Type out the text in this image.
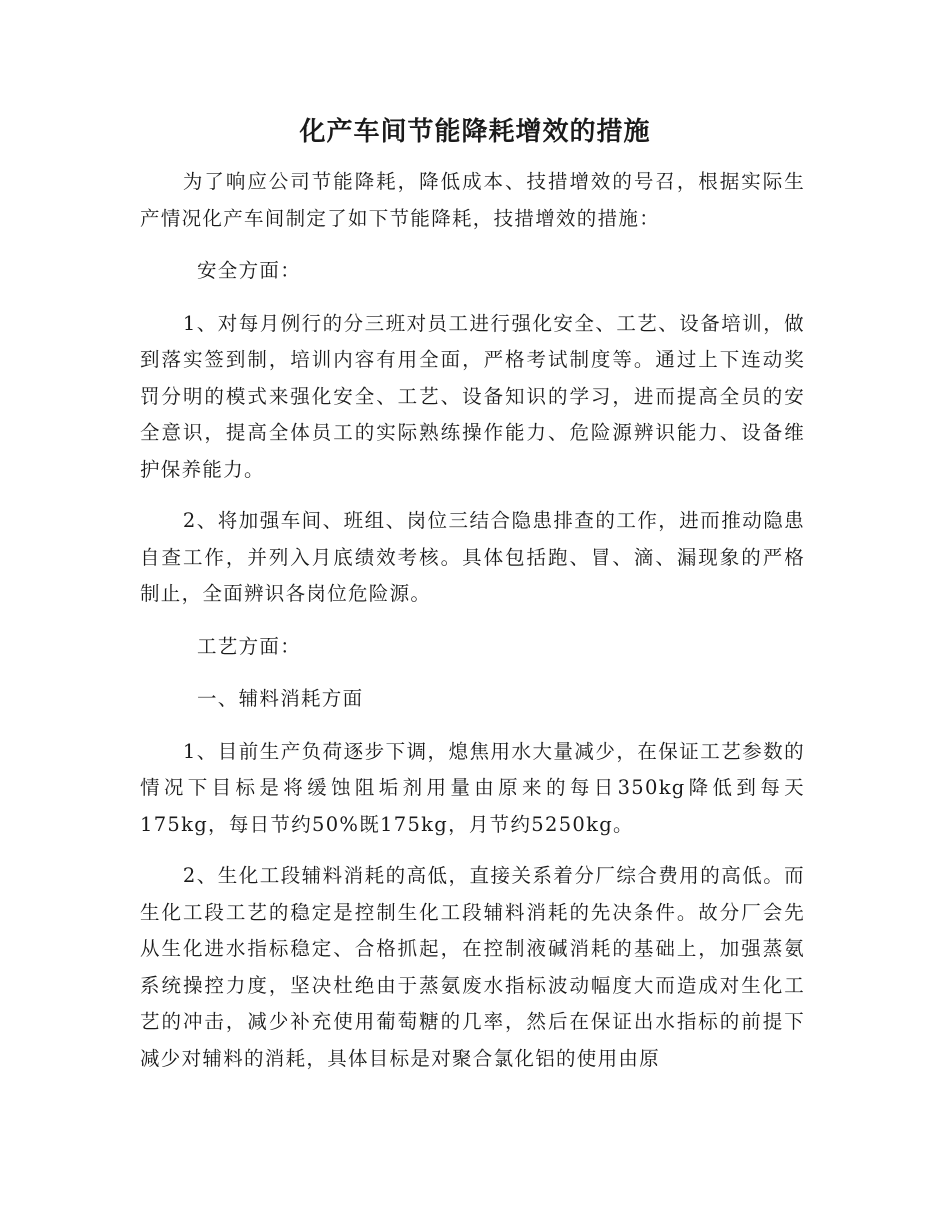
化产车间节能降耗增效的措施

为了响应公司节能降耗，降低成本、技措增效的号召，根据实际生产情况化产车间制定了如下节能降耗，技措增效的措施：

安全方面：

1、对每月例行的分三班对员工进行强化安全、工艺、设备培训，做到落实签到制，培训内容有用全面，严格考试制度等。通过上下连动奖罚分明的模式来强化安全、工艺、设备知识的学习，进而提高全员的安全意识，提高全体员工的实际熟练操作能力、危险源辨识能力、设备维护保养能力。

2、将加强车间、班组、岗位三结合隐患排查的工作，进而推动隐患自查工作，并列入月底绩效考核。具体包括跑、冒、滴、漏现象的严格制止，全面辨识各岗位危险源。

工艺方面：

一、辅料消耗方面

1、目前生产负荷逐步下调，熄焦用水大量减少，在保证工艺参数的情况下目标是将缓蚀阻垢剂用量由原来的每日350kg降低到每天175kg，每日节约50%既175kg，月节约5250kg。

2、生化工段辅料消耗的高低，直接关系着分厂综合费用的高低。而生化工段工艺的稳定是控制生化工段辅料消耗的先决条件。故分厂会先从生化进水指标稳定、合格抓起，在控制液碱消耗的基础上，加强蒸氨系统操控力度，坚决杜绝由于蒸氨废水指标波动幅度大而造成对生化工艺的冲击，减少补充使用葡萄糖的几率，然后在保证出水指标的前提下减少对辅料的消耗，具体目标是对聚合氯化铝的使用由原
